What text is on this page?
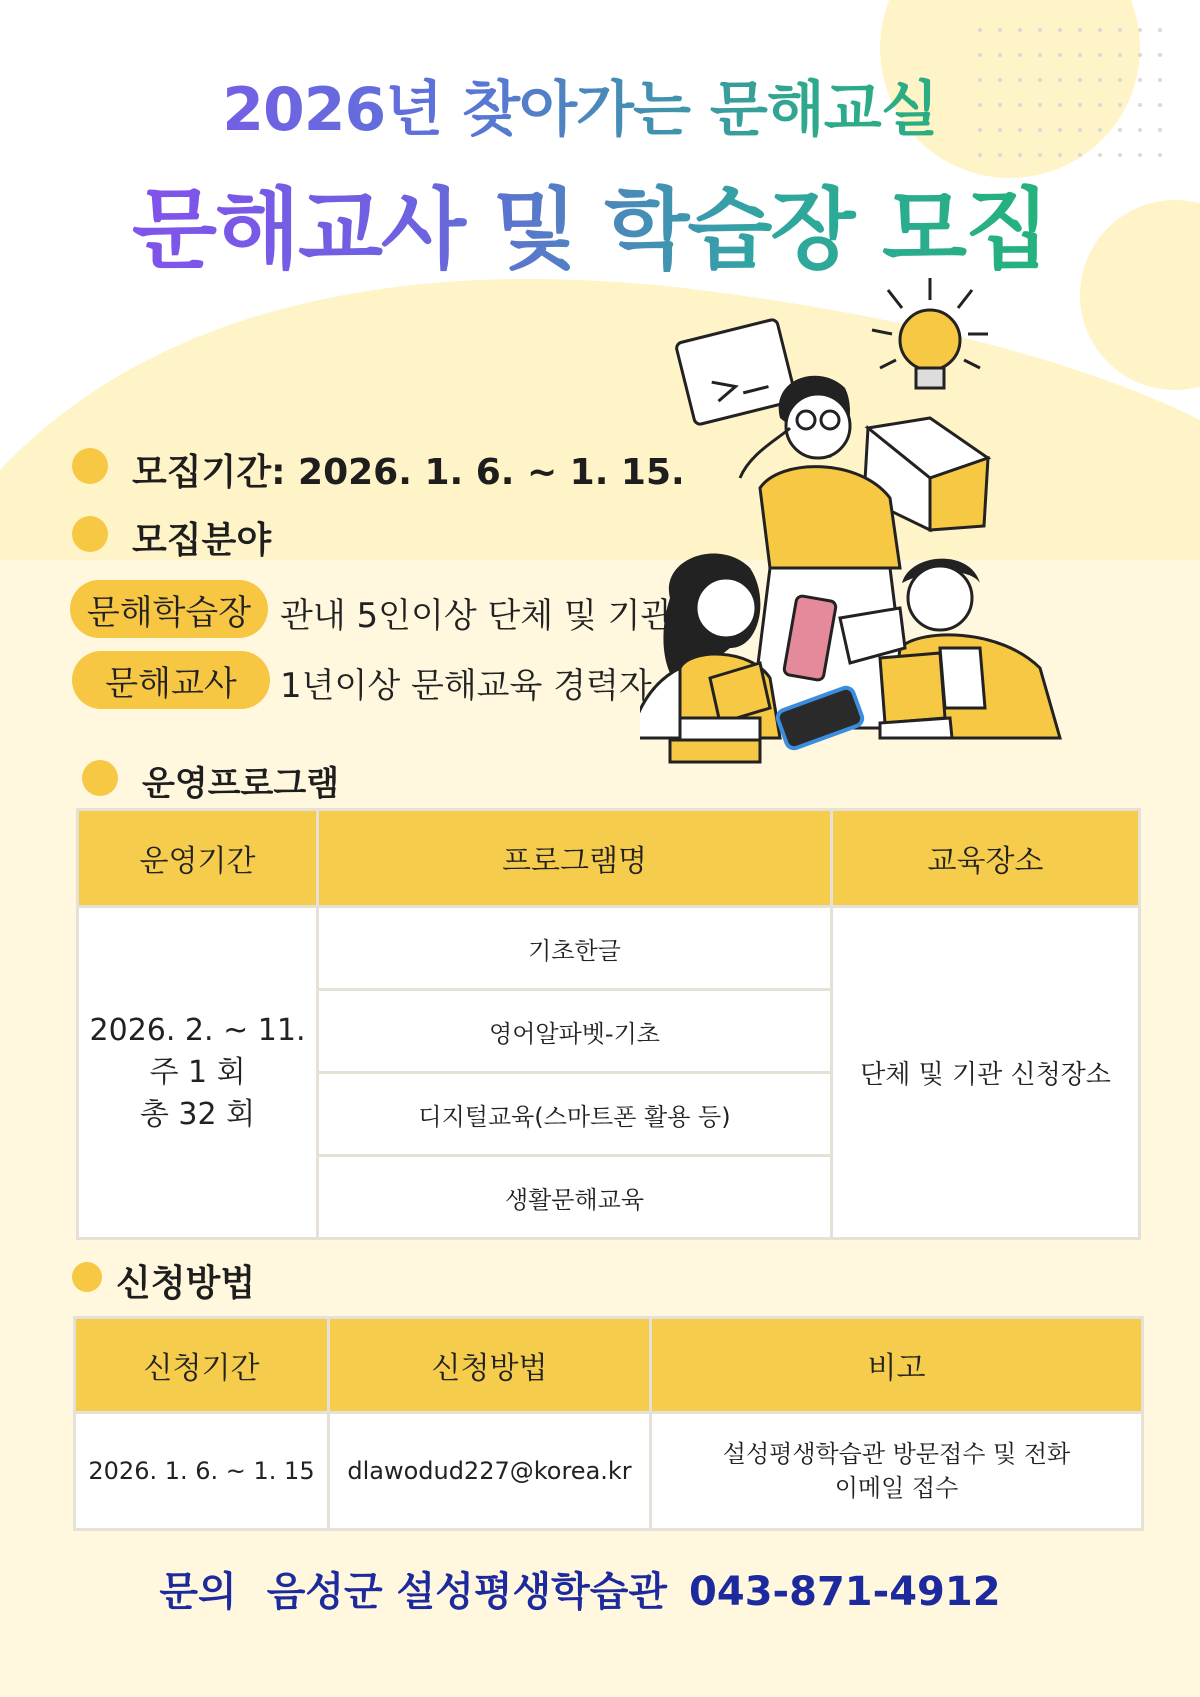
2026년 찾아가는 문해교실
문해교사 및 학습장 모집
모집기간: 2026. 1. 6. ~ 1. 15.
모집분야
문해학습장 관내 5인이상 단체 및 기관
문해교사	1년이상 문해교육 경력자
운영프로그램
운영기간	프로그램명	교육장소

2026. 2. ~ 11.
주 1 회
총 32 회	기초한글	단체 및 기관 신청장소
	영어알파벳-기초	
	디지털교육(스마트폰 활용 등)	
	생활문해교육	
신청방법
신청기간	신청방법	비고
2026. 1. 6. ~ 1. 15	dlawodud227@korea.kr	설성평생학습관 방문접수 및 전화
이메일 접수
문의 음성군 설성평생학습관 043-871-4912
